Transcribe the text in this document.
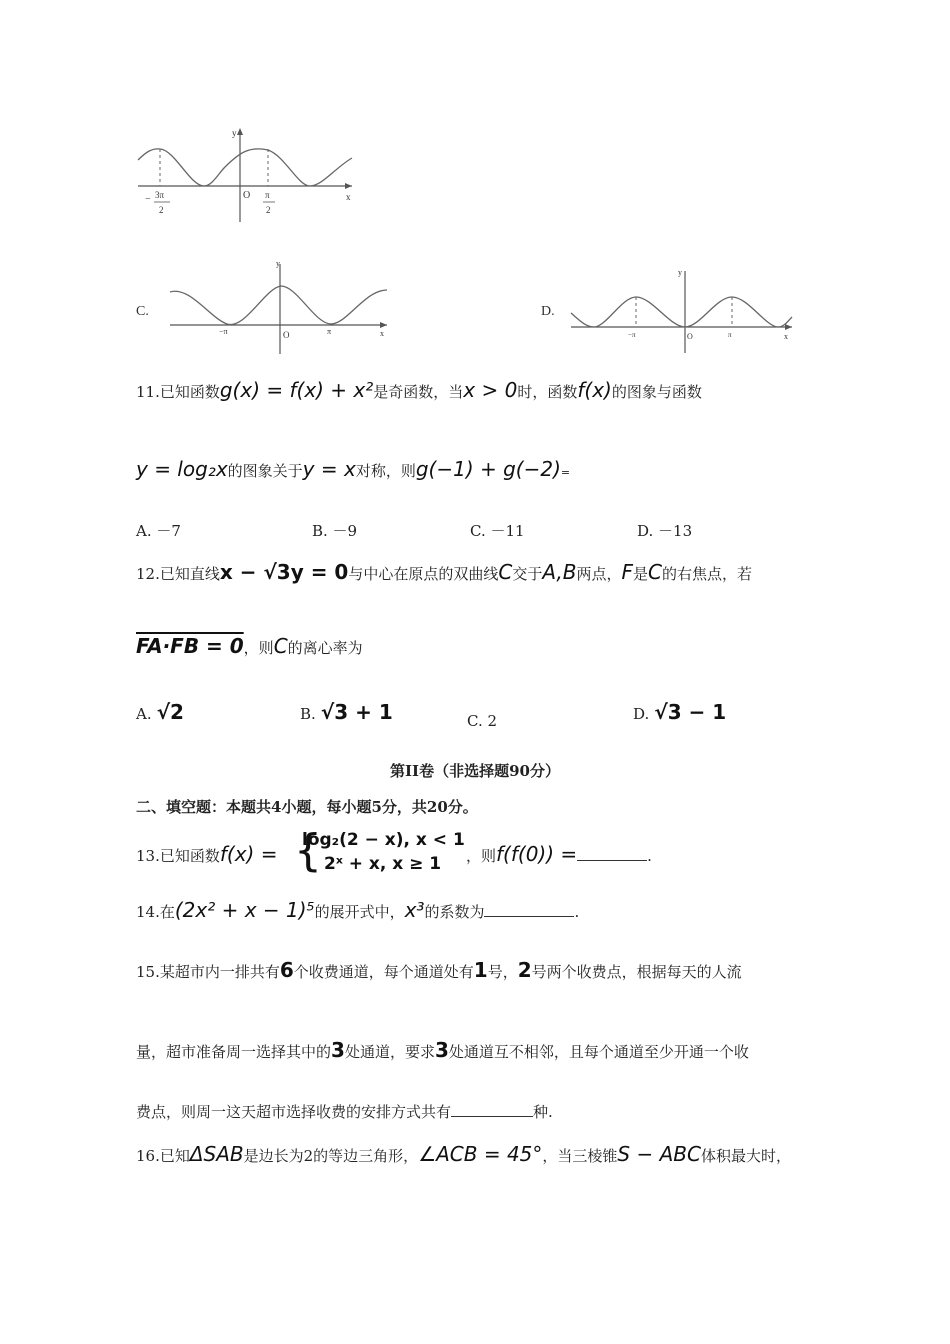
y
x
O
− 3π
2
π
2
C.
y
x
O
−π	π
D.
y
x
O
−π	π
11.已知函数g(x) = f(x) + x²是奇函数，当x > 0时，函数f(x)的图象与函数
y = log₂x的图象关于y = x对称，则g(−1) + g(−2)=
A. －7	B. －9	C. －11	D. －13
12.已知直线x − √3y = 0与中心在原点的双曲线C交于A,B两点，F是C的右焦点，若
FA·FB = 0，则C的离心率为
A. √2	B. √3 + 1	C. 2	D. √3 − 1
第II卷（非选择题90分）
二、填空题：本题共4小题，每小题5分，共20分。
13.已知函数f(x) = {
log₂(2 − x), x < 1
2ˣ + x, x ≥ 1 ，则f(f(0)) =	.
14.在(2x² + x − 1)⁵的展开式中，x³的系数为	.
15.某超市内一排共有6个收费通道，每个通道处有1号，2号两个收费点，根据每天的人流
量，超市准备周一选择其中的3处通道，要求3处通道互不相邻，且每个通道至少开通一个收
费点，则周一这天超市选择收费的安排方式共有	种.
16.已知ΔSAB是边长为2的等边三角形，∠ACB = 45°，当三棱锥S − ABC体积最大时，
